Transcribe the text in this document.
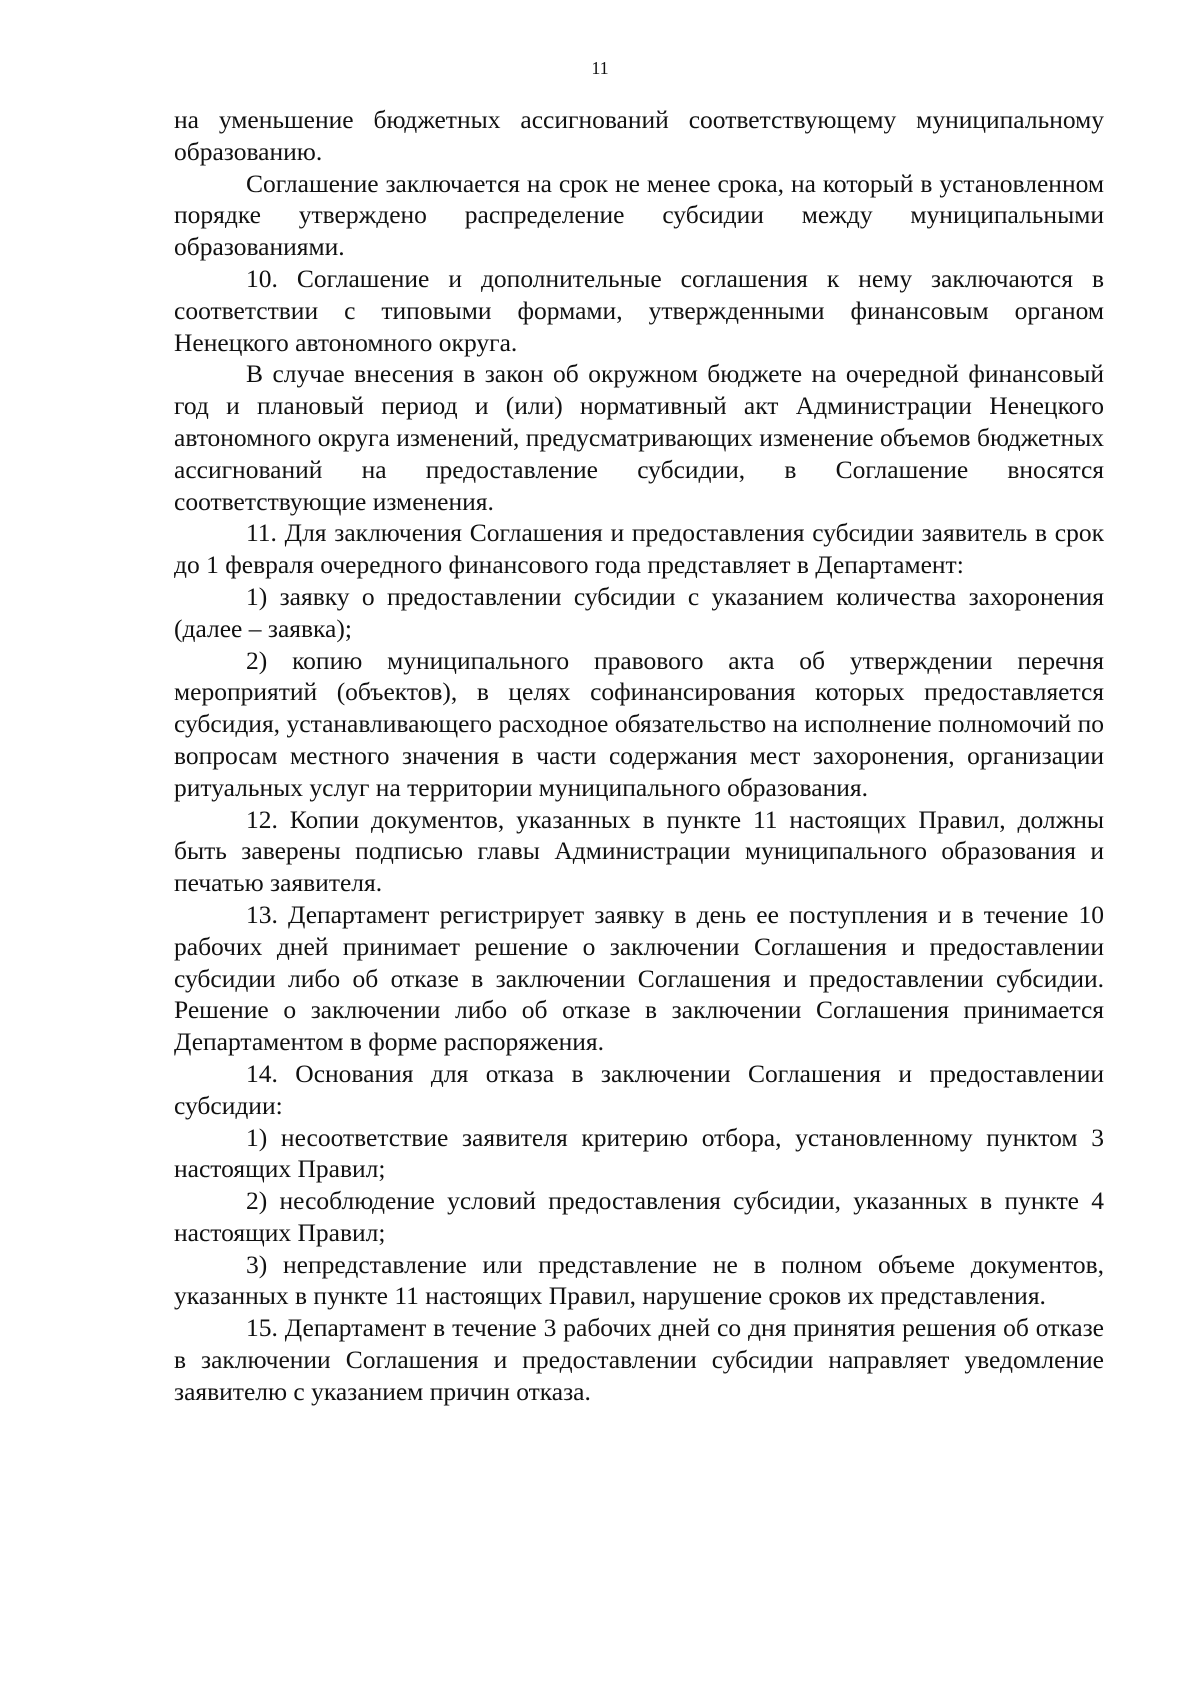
11

на уменьшение бюджетных ассигнований соответствующему муниципальному образованию.

Соглашение заключается на срок не менее срока, на который в установленном порядке утверждено распределение субсидии между муниципальными образованиями.

10. Соглашение и дополнительные соглашения к нему заключаются в соответствии с типовыми формами, утвержденными финансовым органом Ненецкого автономного округа.

В случае внесения в закон об окружном бюджете на очередной финансовый год и плановый период и (или) нормативный акт Администрации Ненецкого автономного округа изменений, предусматривающих изменение объемов бюджетных ассигнований на предоставление субсидии, в Соглашение вносятся соответствующие изменения.

11. Для заключения Соглашения и предоставления субсидии заявитель в срок до 1 февраля очередного финансового года представляет в Департамент:

1) заявку о предоставлении субсидии с указанием количества захоронения (далее – заявка);

2) копию муниципального правового акта об утверждении перечня мероприятий (объектов), в целях софинансирования которых предоставляется субсидия, устанавливающего расходное обязательство на исполнение полномочий по вопросам местного значения в части содержания мест захоронения, организации ритуальных услуг на территории муниципального образования.

12. Копии документов, указанных в пункте 11 настоящих Правил, должны быть заверены подписью главы Администрации муниципального образования и печатью заявителя.

13. Департамент регистрирует заявку в день ее поступления и в течение 10 рабочих дней принимает решение о заключении Соглашения и предоставлении субсидии либо об отказе в заключении Соглашения и предоставлении субсидии. Решение о заключении либо об отказе в заключении Соглашения принимается Департаментом в форме распоряжения.

14. Основания для отказа в заключении Соглашения и предоставлении субсидии:

1) несоответствие заявителя критерию отбора, установленному пунктом 3 настоящих Правил;

2) несоблюдение условий предоставления субсидии, указанных в пункте 4 настоящих Правил;

3) непредставление или представление не в полном объеме документов, указанных в пункте 11 настоящих Правил, нарушение сроков их представления.

15. Департамент в течение 3 рабочих дней со дня принятия решения об отказе в заключении Соглашения и предоставлении субсидии направляет уведомление заявителю с указанием причин отказа.
